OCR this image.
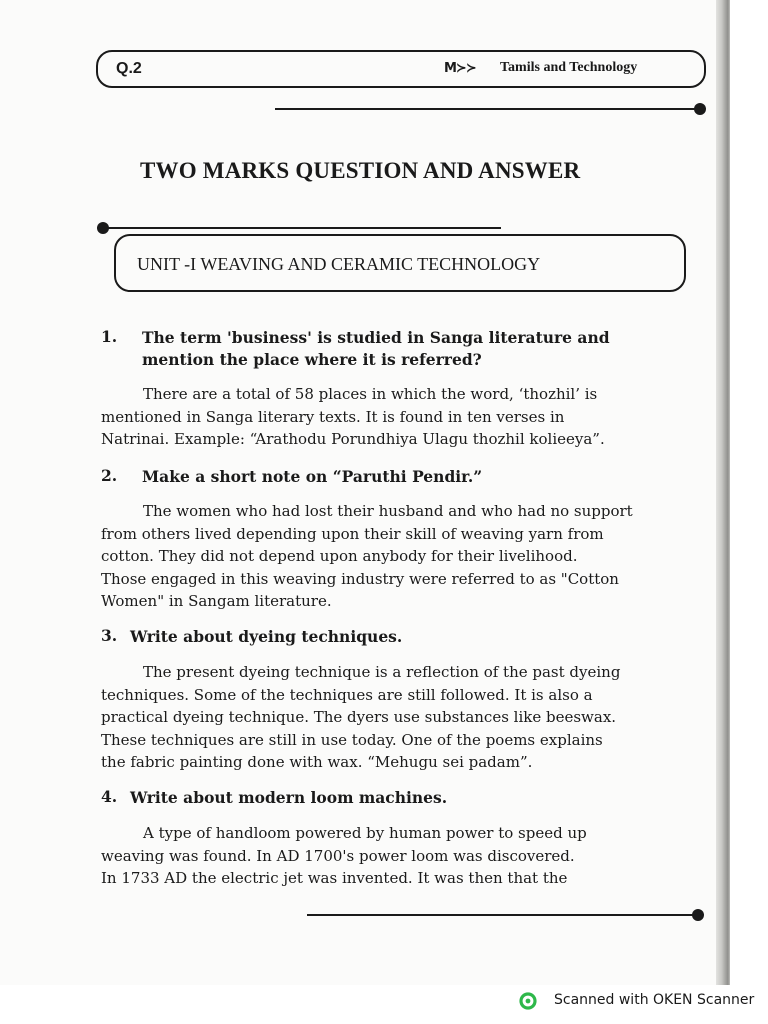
Q.2	M≻≻ Tamils and Technology
TWO MARKS QUESTION AND ANSWER
UNIT -I WEAVING AND CERAMIC TECHNOLOGY
1. The term 'business' is studied in Sanga literature and
mention the place where it is referred?
There are a total of 58 places in which the word, ‘thozhil’ is
mentioned in Sanga literary texts. It is found in ten verses in
Natrinai. Example: “Arathodu Porundhiya Ulagu thozhil kolieeya”.
2. Make a short note on “Paruthi Pendir.”
The women who had lost their husband and who had no support
from others lived depending upon their skill of weaving yarn from
cotton. They did not depend upon anybody for their livelihood.
Those engaged in this weaving industry were referred to as "Cotton
Women" in Sangam literature.
3. Write about dyeing techniques.
The present dyeing technique is a reflection of the past dyeing
techniques. Some of the techniques are still followed. It is also a
practical dyeing technique. The dyers use substances like beeswax.
These techniques are still in use today. One of the poems explains
the fabric painting done with wax. “Mehugu sei padam”.
4. Write about modern loom machines.
A type of handloom powered by human power to speed up
weaving was found. In AD 1700's power loom was discovered.
In 1733 AD the electric jet was invented. It was then that the
Scanned with OKEN Scanner
